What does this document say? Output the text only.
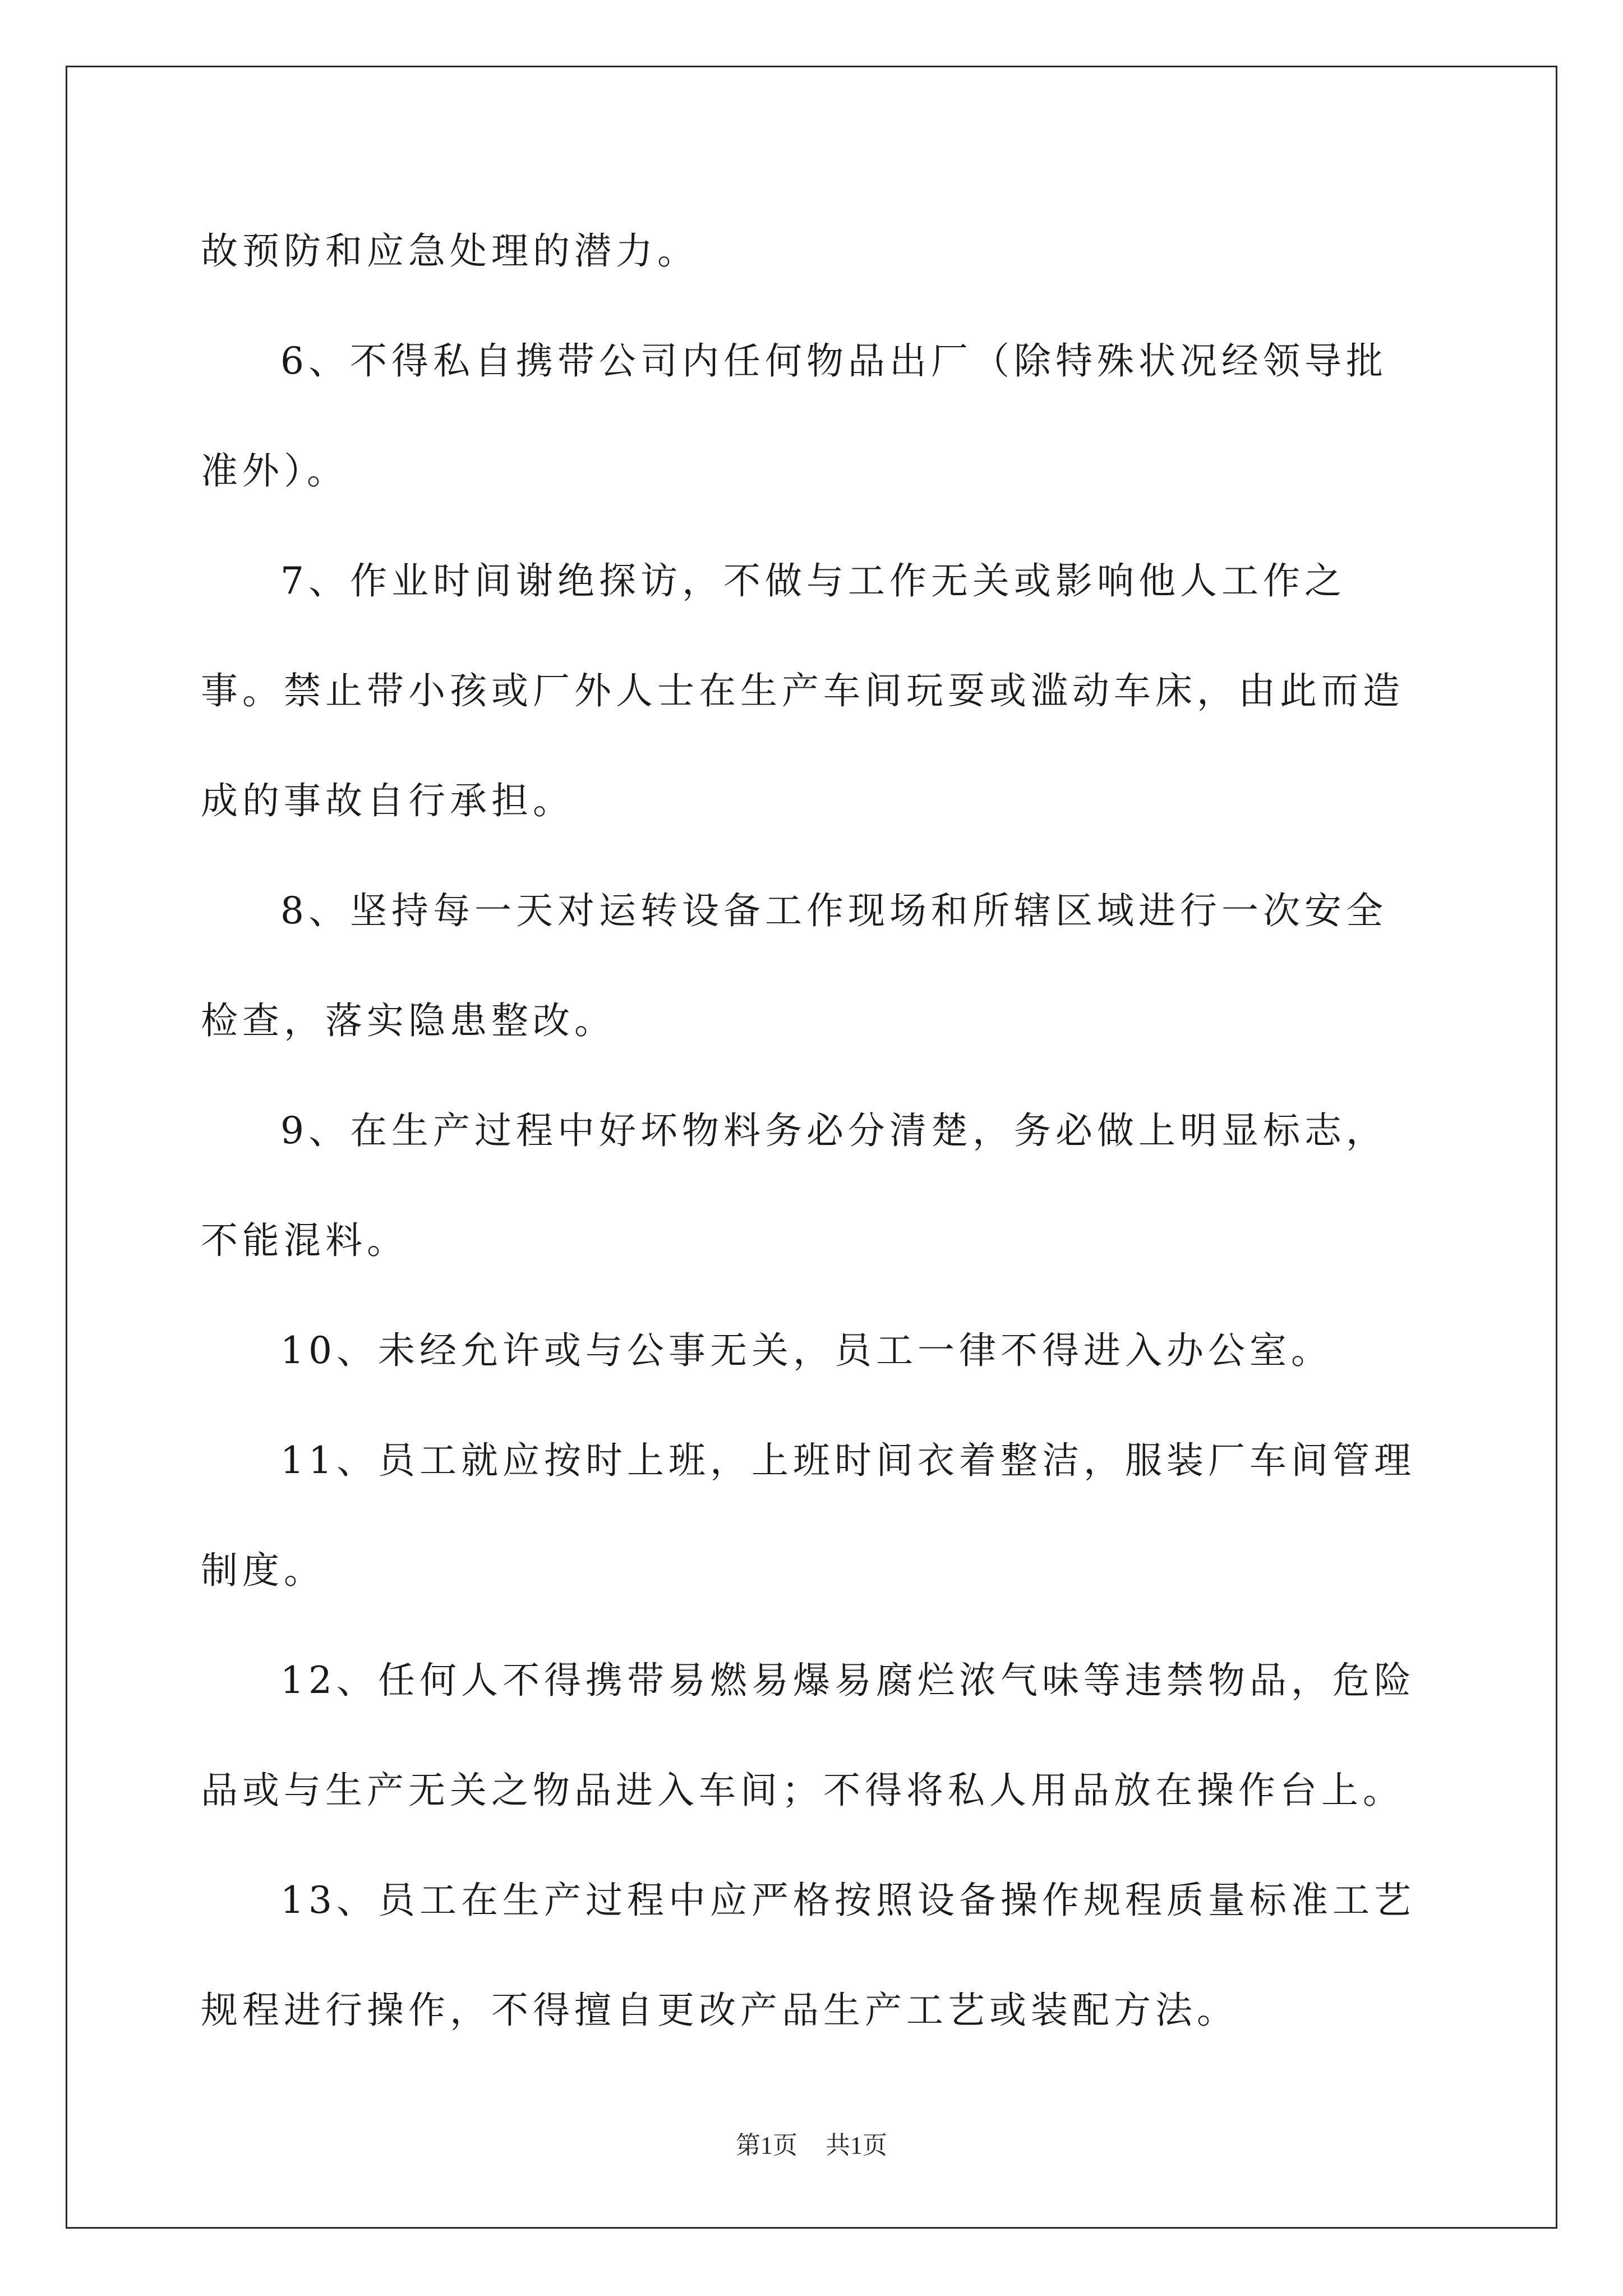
故预防和应急处理的潜力。

6、不得私自携带公司内任何物品出厂（除特殊状况经领导批准外）。

7、作业时间谢绝探访，不做与工作无关或影响他人工作之事。禁止带小孩或厂外人士在生产车间玩耍或滥动车床，由此而造成的事故自行承担。

8、坚持每一天对运转设备工作现场和所辖区域进行一次安全检查，落实隐患整改。

9、在生产过程中好坏物料务必分清楚，务必做上明显标志，不能混料。

10、未经允许或与公事无关，员工一律不得进入办公室。

11、员工就应按时上班，上班时间衣着整洁，服装厂车间管理制度。

12、任何人不得携带易燃易爆易腐烂浓气味等违禁物品，危险品或与生产无关之物品进入车间；不得将私人用品放在操作台上。

13、员工在生产过程中应严格按照设备操作规程质量标准工艺规程进行操作，不得擅自更改产品生产工艺或装配方法。

第1页 共1页
